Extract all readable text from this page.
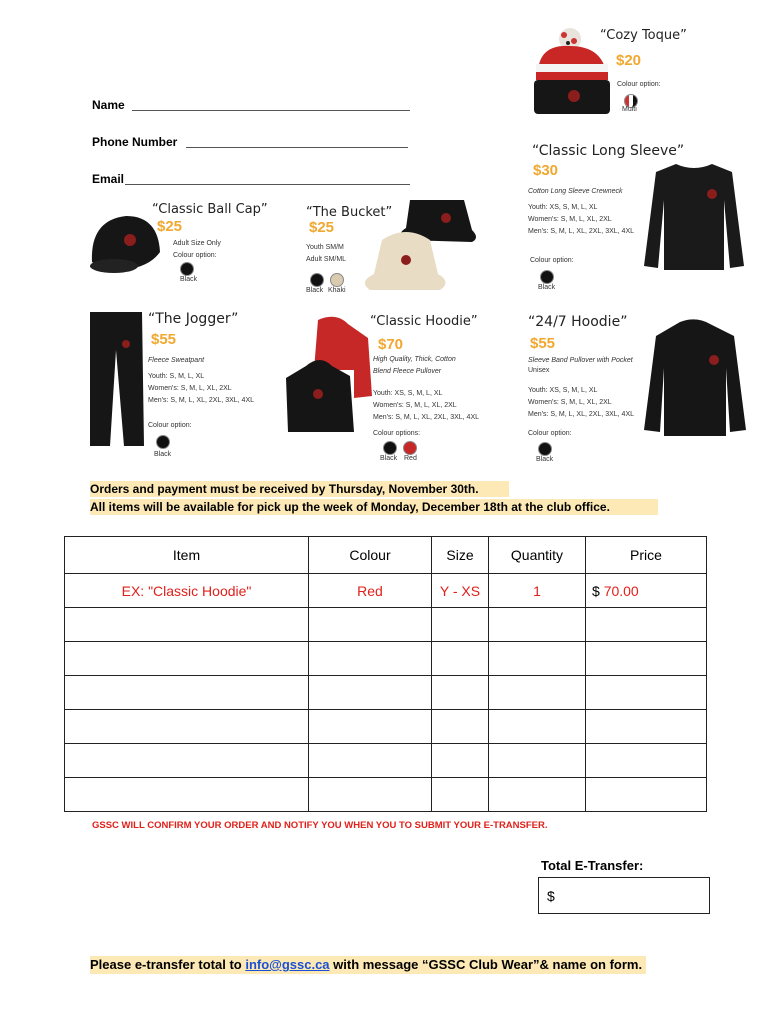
Name
Phone Number
Email
“Cozy Toque”
$20
Colour option:
Multi
“Classic Long Sleeve”
$30
Cotton Long Sleeve Crewneck
Youth: XS, S, M, L, XL
Women's: S, M, L, XL, 2XL
Men's: S, M, L, XL, 2XL, 3XL, 4XL
Colour option:
Black
“Classic Ball Cap”
$25
Adult Size Only
Colour option:
Black
“The Bucket”
$25
Youth SM/M
Adult SM/ML
Black Khaki
“The Jogger”
$55
Fleece Sweatpant
Youth: S, M, L, XL
Women's: S, M, L, XL, 2XL
Men's: S, M, L, XL, 2XL, 3XL, 4XL
Colour option:
Black
“Classic Hoodie”
$70
High Quality, Thick, Cotton
Blend Fleece Pullover
Youth: XS, S, M, L, XL
Women's: S, M, L, XL, 2XL
Men's: S, M, L, XL, 2XL, 3XL, 4XL
Colour options:
Black Red
“24/7 Hoodie”
$55
Sleeve Band Pullover with Pocket
Unisex
Youth: XS, S, M, L, XL
Women's: S, M, L, XL, 2XL
Men's: S, M, L, XL, 2XL, 3XL, 4XL
Colour option:
Black
Orders and payment must be received by Thursday, November 30th.
All items will be available for pick up the week of Monday, December 18th at the club office.
Item	Colour	Size	Quantity	Price
EX: "Classic Hoodie"	Red	Y - XS	1	$ 70.00

GSSC WILL CONFIRM YOUR ORDER AND NOTIFY YOU WHEN YOU TO SUBMIT YOUR E-TRANSFER.
Total E-Transfer:
$
Please e-transfer total to info@gssc.ca with message “GSSC Club Wear”& name on form.
